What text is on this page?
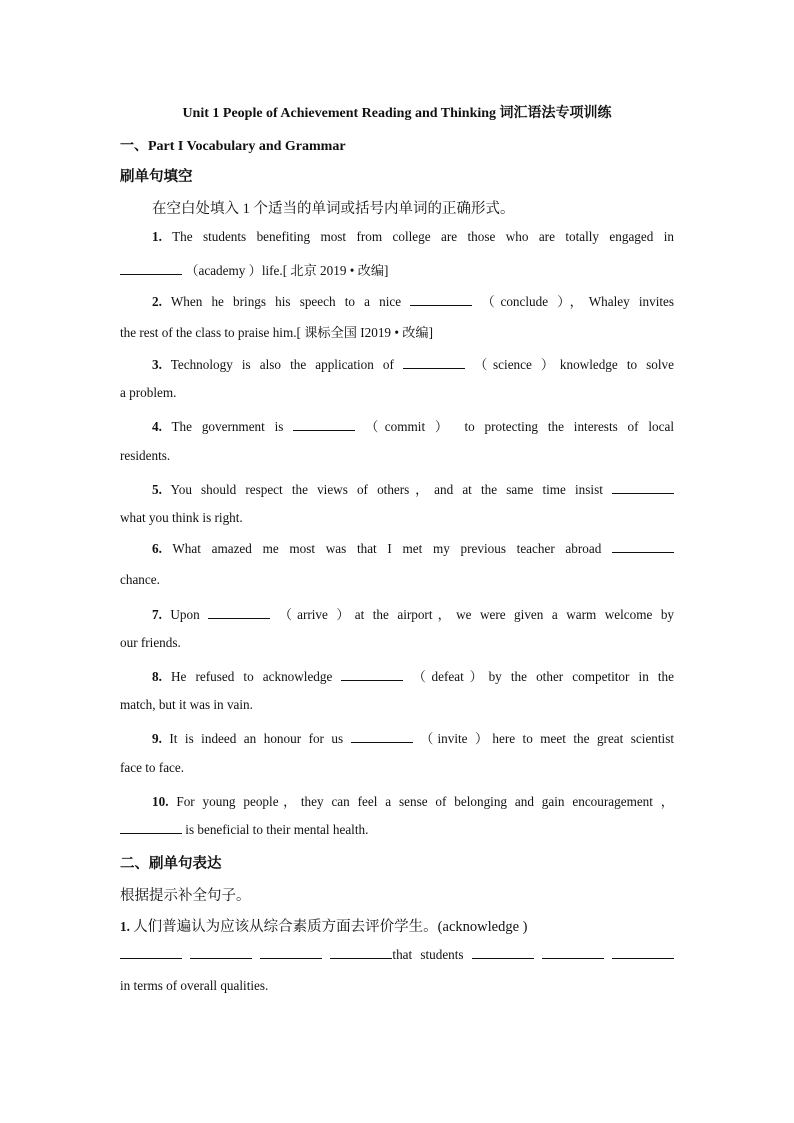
Unit 1 People of Achievement Reading and Thinking 词汇语法专项训练
一、Part I Vocabulary and Grammar
刷单句填空
在空白处填入 1 个适当的单词或括号内单词的正确形式。
1. The students benefiting most from college are those who are totally engaged in
（academy ）life.[ 北京 2019 • 改编]
2. When he brings his speech to a nice	（conclude ），Whaley invites
the rest of the class to praise him.[ 课标全国 I2019 • 改编]
3. Technology is also the application of	（science ）knowledge to solve
a problem.
4. The government is	（commit ） to protecting the interests of local
residents.
5. You should respect the views of others，and at the same time insist
what you think is right.
6. What amazed me most was that I met my previous teacher abroad
chance.
7. Upon	（arrive ）at the airport，we were given a warm welcome by
our friends.
8. He refused to acknowledge	（defeat）by the other competitor in the
match, but it was in vain.
9. It is indeed an honour for us	（invite ）here to meet the great scientist
face to face.
10. For young people，they can feel a sense of belonging and gain encouragement ，
is beneficial to their mental health.
二、刷单句表达
根据提示补全句子。
1. 人们普遍认为应该从综合素质方面去评价学生。(acknowledge )
that students
in terms of overall qualities.
